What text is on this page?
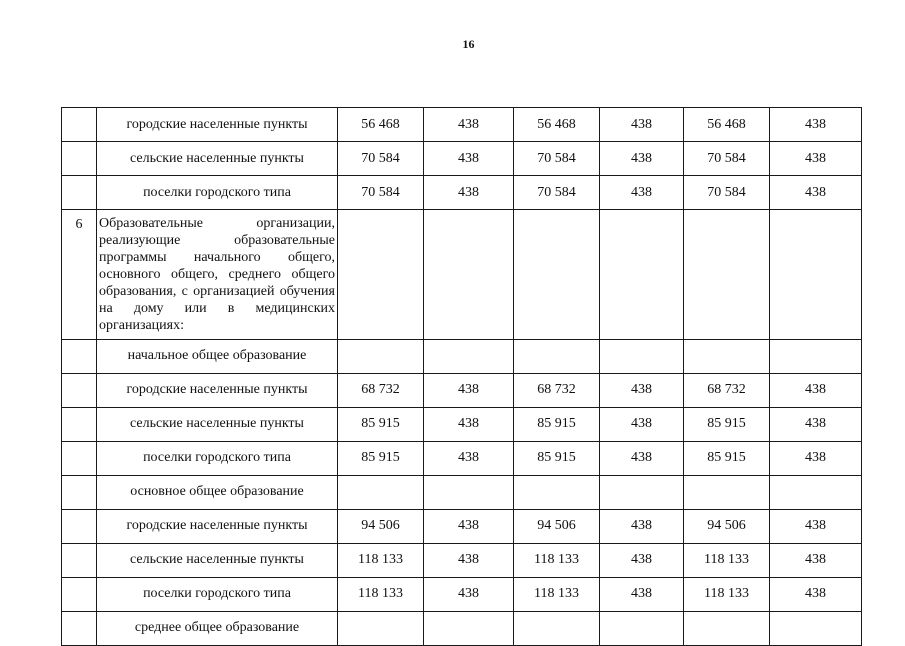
16
	городские населенные пункты	56 468	438	56 468	438	56 468	438
	сельские населенные пункты	70 584	438	70 584	438	70 584	438
	поселки городского типа	70 584	438	70 584	438	70 584	438
6	Образовательные организации, реализующие образовательные программы начального общего, основного общего, среднего общего образования, с организацией обучения на дому или в медицинских организациях:						
	начальное общее образование						
	городские населенные пункты	68 732	438	68 732	438	68 732	438
	сельские населенные пункты	85 915	438	85 915	438	85 915	438
	поселки городского типа	85 915	438	85 915	438	85 915	438
	основное общее образование						
	городские населенные пункты	94 506	438	94 506	438	94 506	438
	сельские населенные пункты	118 133	438	118 133	438	118 133	438
	поселки городского типа	118 133	438	118 133	438	118 133	438
	среднее общее образование						
